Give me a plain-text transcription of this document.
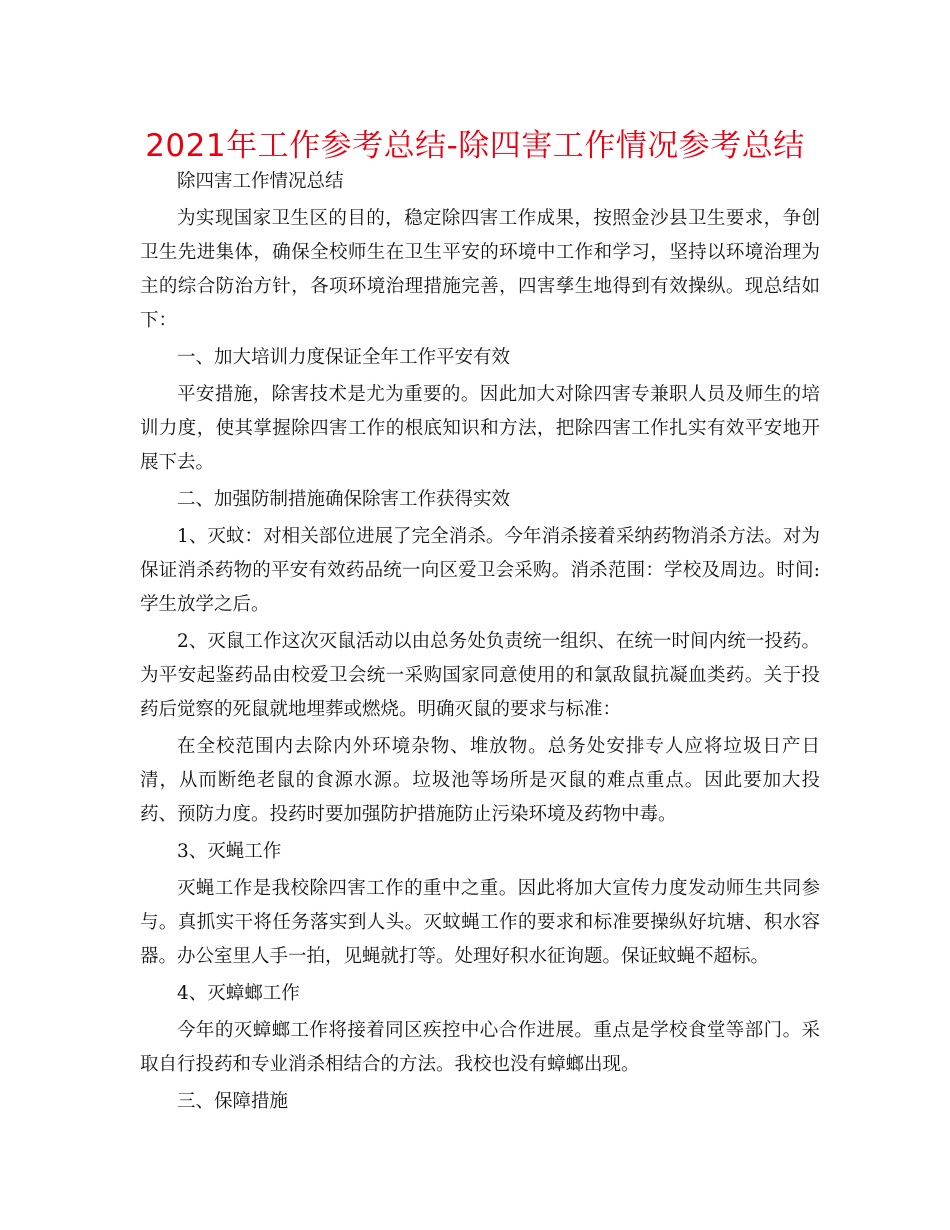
2021年工作参考总结-除四害工作情况参考总结

除四害工作情况总结

为实现国家卫生区的目的，稳定除四害工作成果，按照金沙县卫生要求，争创卫生先进集体，确保全校师生在卫生平安的环境中工作和学习，坚持以环境治理为主的综合防治方针，各项环境治理措施完善，四害孳生地得到有效操纵。现总结如下：

一、加大培训力度保证全年工作平安有效

平安措施，除害技术是尤为重要的。因此加大对除四害专兼职人员及师生的培训力度，使其掌握除四害工作的根底知识和方法，把除四害工作扎实有效平安地开展下去。

二、加强防制措施确保除害工作获得实效

1、灭蚊：对相关部位进展了完全消杀。今年消杀接着采纳药物消杀方法。对为保证消杀药物的平安有效药品统一向区爱卫会采购。消杀范围：学校及周边。时间:学生放学之后。

2、灭鼠工作这次灭鼠活动以由总务处负责统一组织、在统一时间内统一投药。为平安起鉴药品由校爱卫会统一采购国家同意使用的和氯敌鼠抗凝血类药。关于投药后觉察的死鼠就地埋葬或燃烧。明确灭鼠的要求与标准：

在全校范围内去除内外环境杂物、堆放物。总务处安排专人应将垃圾日产日清，从而断绝老鼠的食源水源。垃圾池等场所是灭鼠的难点重点。因此要加大投药、预防力度。投药时要加强防护措施防止污染环境及药物中毒。

3、灭蝇工作

灭蝇工作是我校除四害工作的重中之重。因此将加大宣传力度发动师生共同参与。真抓实干将任务落实到人头。灭蚊蝇工作的要求和标准要操纵好坑塘、积水容器。办公室里人手一拍，见蝇就打等。处理好积水征询题。保证蚊蝇不超标。

4、灭蟑螂工作

今年的灭蟑螂工作将接着同区疾控中心合作进展。重点是学校食堂等部门。采取自行投药和专业消杀相结合的方法。我校也没有蟑螂出现。

三、保障措施
